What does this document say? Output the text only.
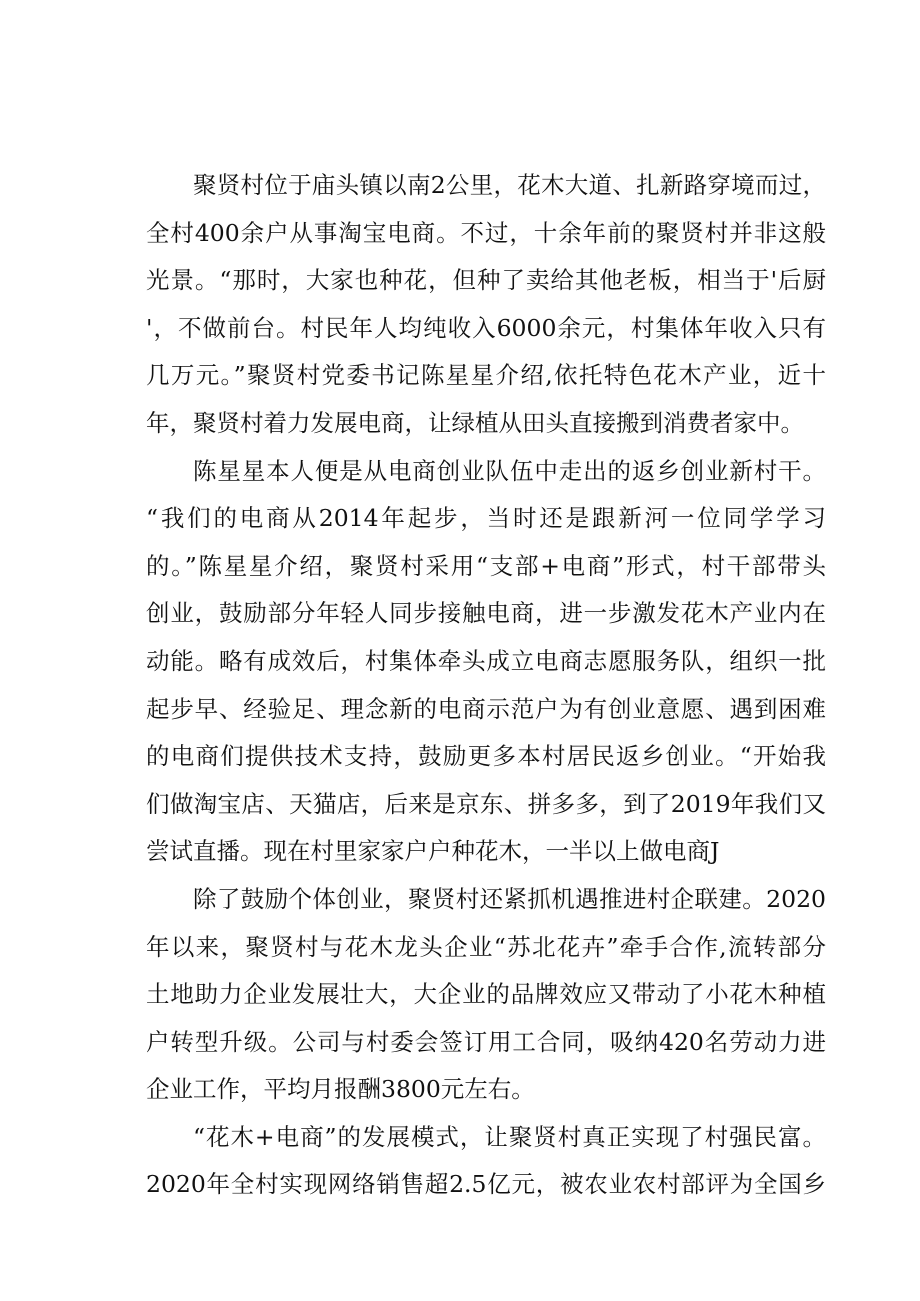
聚贤村位于庙头镇以南2公里，花木大道、扎新路穿境而过，
全村400余户从事淘宝电商。不过，十余年前的聚贤村并非这般
光景。“那时，大家也种花，但种了卖给其他老板，相当于'后厨
'，不做前台。村民年人均纯收入6000余元，村集体年收入只有
几万元。”聚贤村党委书记陈星星介绍,依托特色花木产业，近十
年，聚贤村着力发展电商，让绿植从田头直接搬到消费者家中。
陈星星本人便是从电商创业队伍中走出的返乡创业新村干。
“我们的电商从2014年起步，当时还是跟新河一位同学学习
的。”陈星星介绍，聚贤村采用“支部+电商”形式，村干部带头
创业，鼓励部分年轻人同步接触电商，进一步激发花木产业内在
动能。略有成效后，村集体牵头成立电商志愿服务队，组织一批
起步早、经验足、理念新的电商示范户为有创业意愿、遇到困难
的电商们提供技术支持，鼓励更多本村居民返乡创业。“开始我
们做淘宝店、天猫店，后来是京东、拼多多，到了2019年我们又
尝试直播。现在村里家家户户种花木，一半以上做电商J
除了鼓励个体创业，聚贤村还紧抓机遇推进村企联建。2020
年以来，聚贤村与花木龙头企业“苏北花卉”牵手合作,流转部分
土地助力企业发展壮大，大企业的品牌效应又带动了小花木种植
户转型升级。公司与村委会签订用工合同，吸纳420名劳动力进
企业工作，平均月报酬3800元左右。
“花木+电商”的发展模式，让聚贤村真正实现了村强民富。
2020年全村实现网络销售超2.5亿元，被农业农村部评为全国乡
